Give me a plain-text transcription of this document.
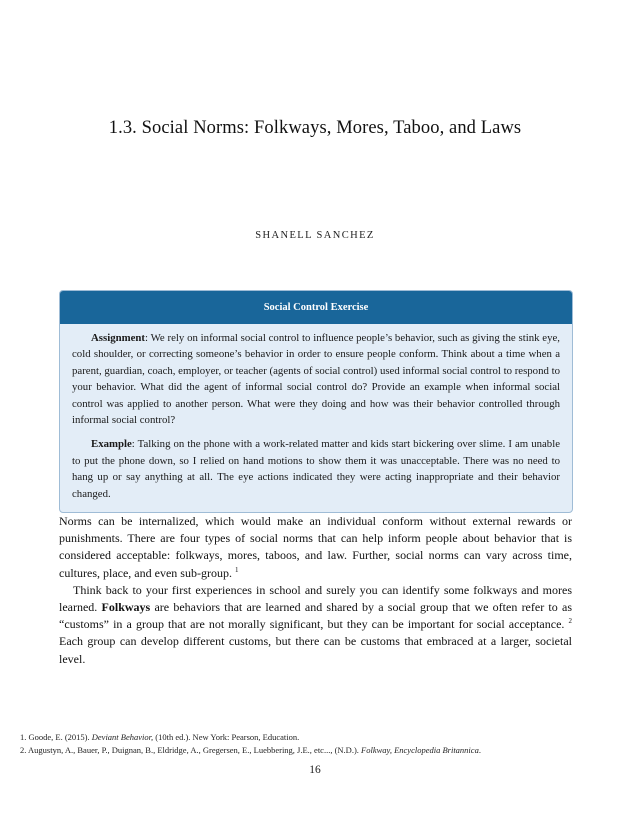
1.3. Social Norms: Folkways, Mores, Taboo, and Laws
SHANELL SANCHEZ
Social Control Exercise

Assignment: We rely on informal social control to influence people’s behavior, such as giving the stink eye, cold shoulder, or correcting someone’s behavior in order to ensure people conform. Think about a time when a parent, guardian, coach, employer, or teacher (agents of social control) used informal social control to respond to your behavior. What did the agent of informal social control do? Provide an example when informal social control was applied to another person. What were they doing and how was their behavior controlled through informal social control?

Example: Talking on the phone with a work-related matter and kids start bickering over slime. I am unable to put the phone down, so I relied on hand motions to show them it was unacceptable. There was no need to hang up or say anything at all. The eye actions indicated they were acting inappropriate and their behavior changed.

Norms can be internalized, which would make an individual conform without external rewards or punishments. There are four types of social norms that can help inform people about behavior that is considered acceptable: folkways, mores, taboos, and law. Further, social norms can vary across time, cultures, place, and even sub-group. $^1$

Think back to your first experiences in school and surely you can identify some folkways and mores learned. Folkways are behaviors that are learned and shared by a social group that we often refer to as “customs” in a group that are not morally significant, but they can be important for social acceptance. $^2$ Each group can develop different customs, but there can be customs that embraced at a larger, societal level.

1. Goode, E. (2015). Deviant Behavior, (10th ed.). New York: Pearson, Education.
2. Augustyn, A., Bauer, P., Duignan, B., Eldridge, A., Gregersen, E., Luebbering, J.E., etc..., (N.D.). Folkway, Encyclopedia Britannica.
16
